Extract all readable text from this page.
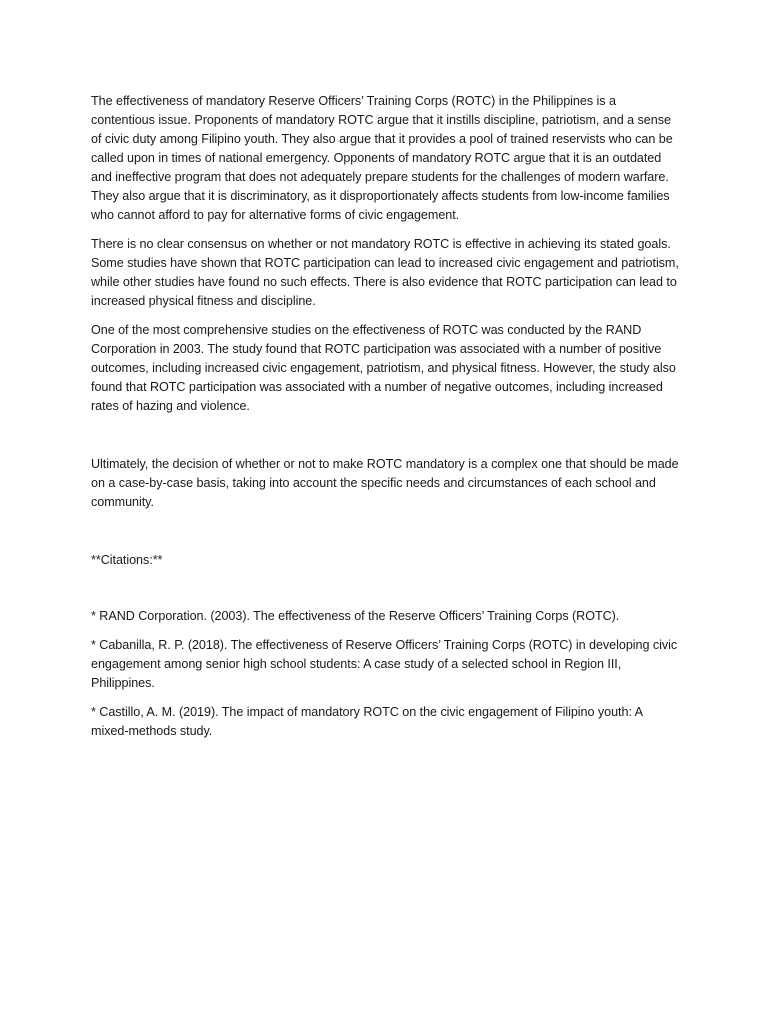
The effectiveness of mandatory Reserve Officers’ Training Corps (ROTC) in the Philippines is a contentious issue. Proponents of mandatory ROTC argue that it instills discipline, patriotism, and a sense of civic duty among Filipino youth. They also argue that it provides a pool of trained reservists who can be called upon in times of national emergency. Opponents of mandatory ROTC argue that it is an outdated and ineffective program that does not adequately prepare students for the challenges of modern warfare. They also argue that it is discriminatory, as it disproportionately affects students from low-income families who cannot afford to pay for alternative forms of civic engagement.

There is no clear consensus on whether or not mandatory ROTC is effective in achieving its stated goals. Some studies have shown that ROTC participation can lead to increased civic engagement and patriotism, while other studies have found no such effects. There is also evidence that ROTC participation can lead to increased physical fitness and discipline.

One of the most comprehensive studies on the effectiveness of ROTC was conducted by the RAND Corporation in 2003. The study found that ROTC participation was associated with a number of positive outcomes, including increased civic engagement, patriotism, and physical fitness. However, the study also found that ROTC participation was associated with a number of negative outcomes, including increased rates of hazing and violence.

Ultimately, the decision of whether or not to make ROTC mandatory is a complex one that should be made on a case-by-case basis, taking into account the specific needs and circumstances of each school and community.

**Citations:**

* RAND Corporation. (2003). The effectiveness of the Reserve Officers’ Training Corps (ROTC).

* Cabanilla, R. P. (2018). The effectiveness of Reserve Officers’ Training Corps (ROTC) in developing civic engagement among senior high school students: A case study of a selected school in Region III, Philippines.

* Castillo, A. M. (2019). The impact of mandatory ROTC on the civic engagement of Filipino youth: A mixed-methods study.
